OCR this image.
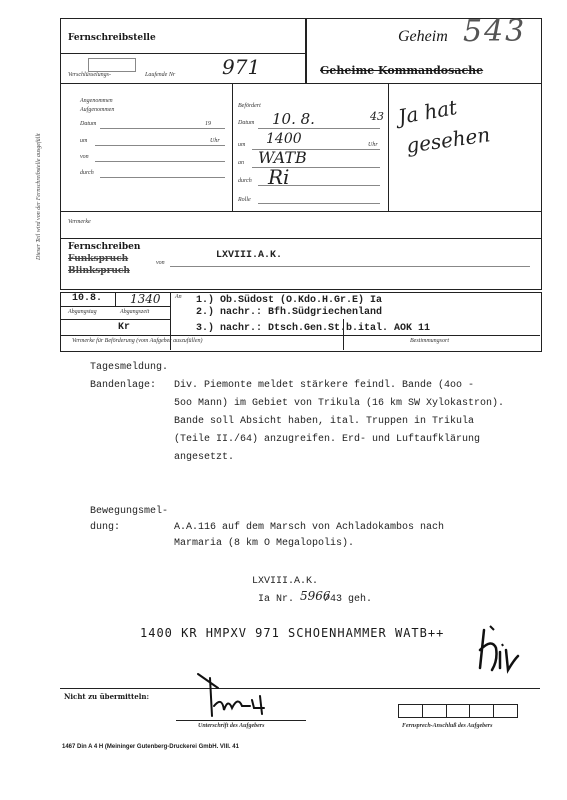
Dieser Teil wird von der Fernschreibstelle ausgefüllt
Fernschreibstelle
Verschlüsselungs-	Laufende Nr 971
Geheim 543
Geheime Kommandosache
Angenommen
Aufgenommen
Datum	19
um	Uhr
von
durch
Befördert
Datum 10. 8.	43
um 1400	Uhr
an WATB
durch Ri
Rolle
Ja hat
gesehen
Vermerke
Fernschreiben
Funkspruch
Blinkspruch
von
LXVIII.A.K.
10.8. 1340
Abgangstag	Abgangszeit
An 1.) Ob.Südost (O.Kdo.H.Gr.E) Ia
2.) nachr.: Bfh.Südgriechenland
3.) nachr.: Dtsch.Gen.St.b.ital. AOK 11
Kr
Vermerke für Beförderung (vom Aufgeber auszufüllen)	Bestimmungsort
Tagesmeldung.
Bandenlage: Div. Piemonte meldet stärkere feindl. Bande (4oo -
5oo Mann) im Gebiet von Trikula (16 km SW Xylokastron).
Bande soll Absicht haben, ital. Truppen in Trikula
(Teile II./64) anzugreifen. Erd- und Luftaufklärung
angesetzt.
Bewegungsmel-
dung:	A.A.116 auf dem Marsch von Achladokambos nach
Marmaria (8 km O Megalopolis).
LXVIII.A.K.
Ia Nr. 5966
/43 geh.
1400 KR HMPXV 971 SCHOENHAMMER WATB++
Nicht zu übermitteln:
Unterschrift des Aufgebers	Fernsprech-Anschluß des Aufgebers
1467 Din A 4 H (Meininger Gutenberg-Druckerei GmbH. VIII. 41
